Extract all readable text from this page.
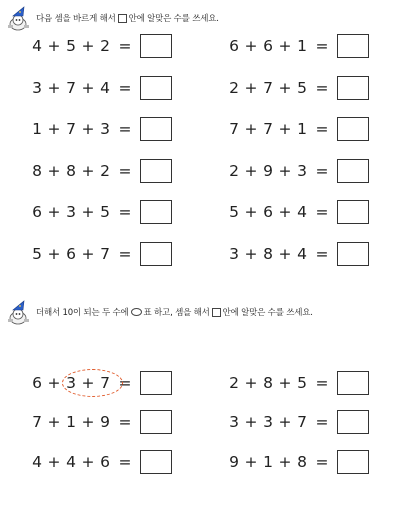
다음 셈을 바르게 해서 안에 알맞은 수를 쓰세요.
4 + 5 + 2 =	6 + 6 + 1 =
3 + 7 + 4 =	2 + 7 + 5 =
1 + 7 + 3 =	7 + 7 + 1 =
8 + 8 + 2 =	2 + 9 + 3 =
6 + 3 + 5 =	5 + 6 + 4 =
5 + 6 + 7 =	3 + 8 + 4 =
더해서 10이 되는 두 수에 표 하고, 셈을 해서 안에 알맞은 수를 쓰세요.
6 + 3 + 7 =	2 + 8 + 5 =
7 + 1 + 9 =	3 + 3 + 7 =
4 + 4 + 6 =	9 + 1 + 8 =
